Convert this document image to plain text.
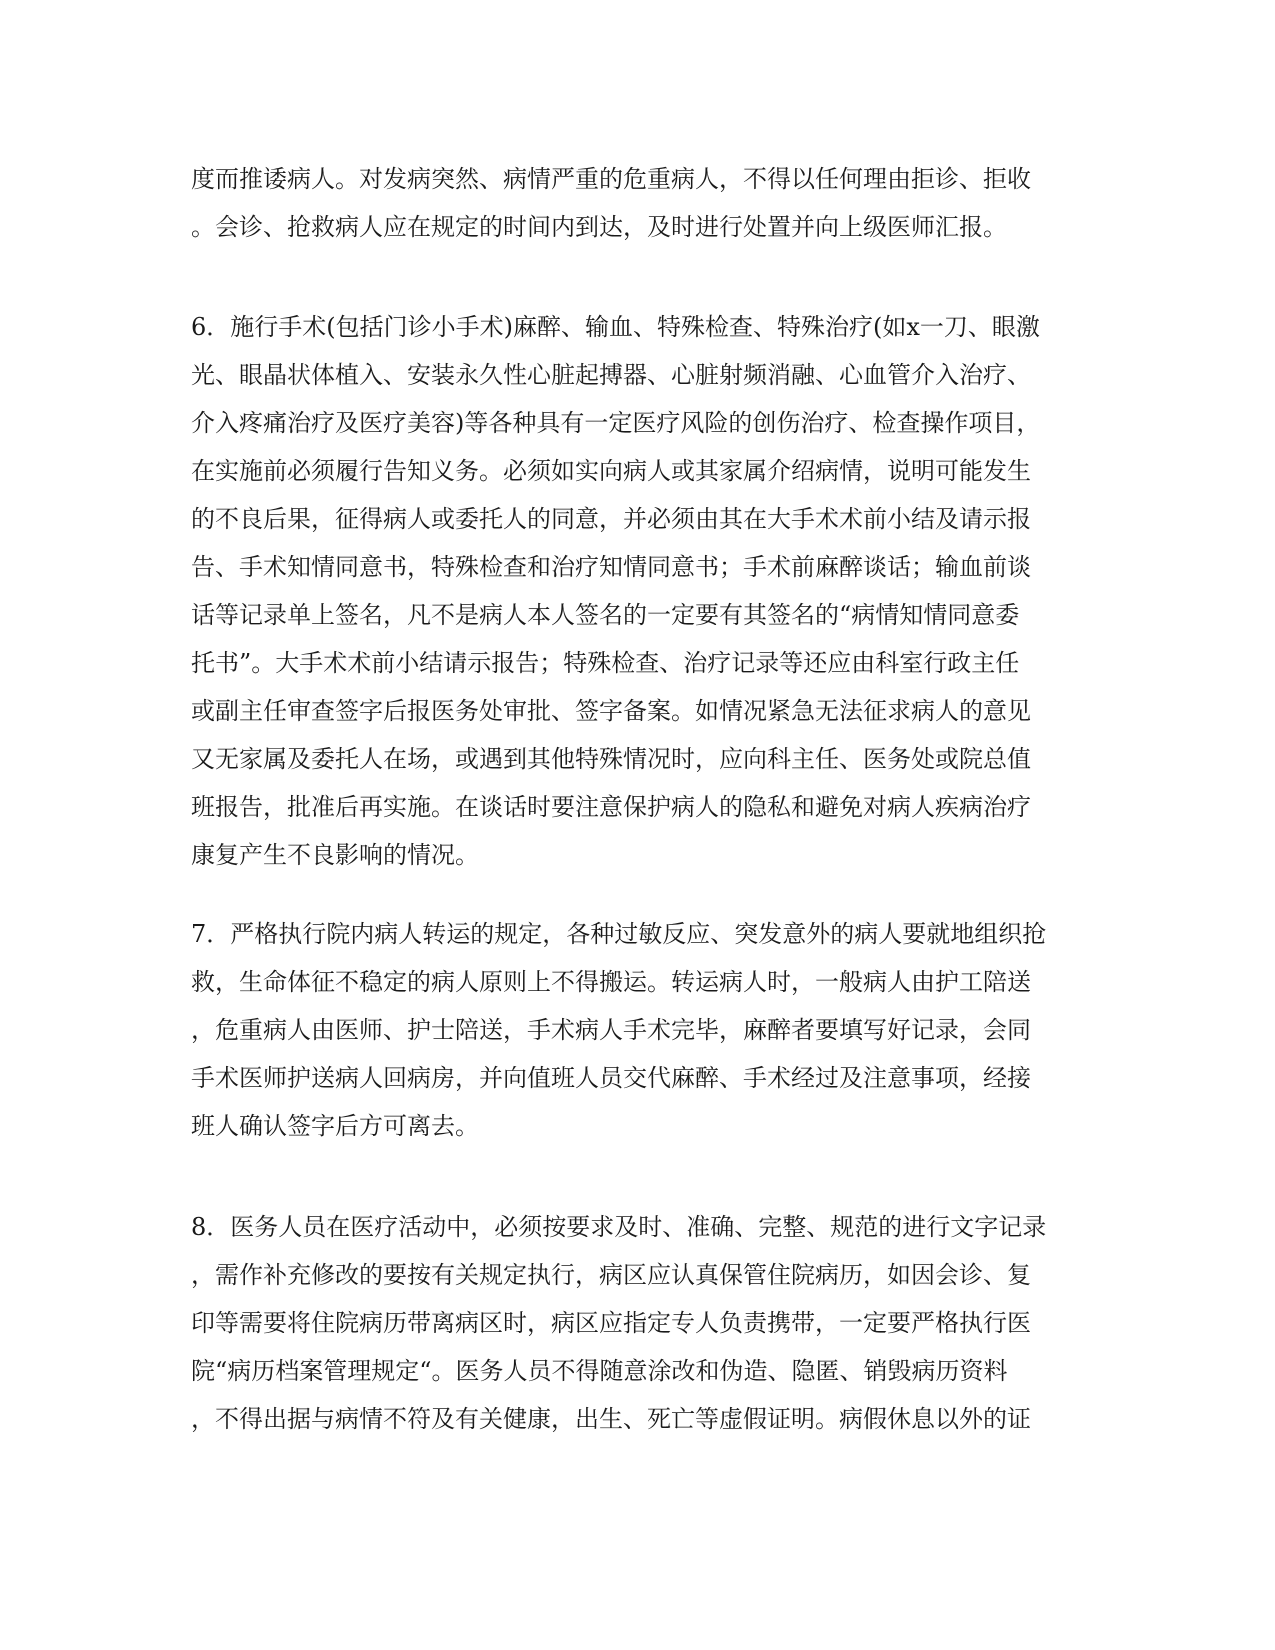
度而推诿病人。对发病突然、病情严重的危重病人，不得以任何理由拒诊、拒收
。会诊、抢救病人应在规定的时间内到达，及时进行处置并向上级医师汇报。
6．施行手术(包括门诊小手术)麻醉、输血、特殊检查、特殊治疗(如x一刀、眼激
光、眼晶状体植入、安装永久性心脏起搏器、心脏射频消融、心血管介入治疗、
介入疼痛治疗及医疗美容)等各种具有一定医疗风险的创伤治疗、检查操作项目，
在实施前必须履行告知义务。必须如实向病人或其家属介绍病情，说明可能发生
的不良后果，征得病人或委托人的同意，并必须由其在大手术术前小结及请示报
告、手术知情同意书，特殊检查和治疗知情同意书；手术前麻醉谈话；输血前谈
话等记录单上签名，凡不是病人本人签名的一定要有其签名的“病情知情同意委
托书”。大手术术前小结请示报告；特殊检查、治疗记录等还应由科室行政主任
或副主任审查签字后报医务处审批、签字备案。如情况紧急无法征求病人的意见
又无家属及委托人在场，或遇到其他特殊情况时，应向科主任、医务处或院总值
班报告，批准后再实施。在谈话时要注意保护病人的隐私和避免对病人疾病治疗
康复产生不良影响的情况。
7．严格执行院内病人转运的规定，各种过敏反应、突发意外的病人要就地组织抢
救，生命体征不稳定的病人原则上不得搬运。转运病人时，一般病人由护工陪送
，危重病人由医师、护士陪送，手术病人手术完毕，麻醉者要填写好记录，会同
手术医师护送病人回病房，并向值班人员交代麻醉、手术经过及注意事项，经接
班人确认签字后方可离去。
8．医务人员在医疗活动中，必须按要求及时、准确、完整、规范的进行文字记录
，需作补充修改的要按有关规定执行，病区应认真保管住院病历，如因会诊、复
印等需要将住院病历带离病区时，病区应指定专人负责携带，一定要严格执行医
院“病历档案管理规定“。医务人员不得随意涂改和伪造、隐匿、销毁病历资料
，不得出据与病情不符及有关健康，出生、死亡等虚假证明。病假休息以外的证
